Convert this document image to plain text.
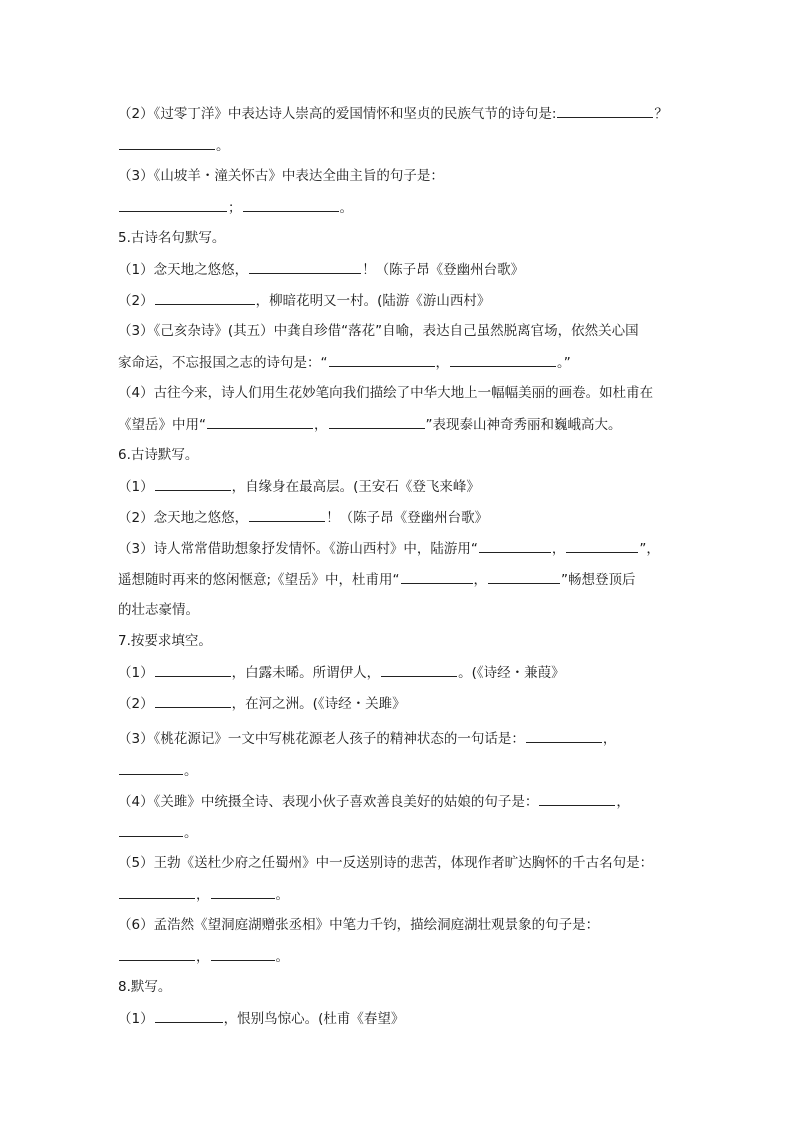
（2）《过零丁洋》中表达诗人崇高的爱国情怀和坚贞的民族气节的诗句是:	？
。
（3）《山坡羊・潼关怀古》中表达全曲主旨的句子是：
；	。
5.古诗名句默写。
（1）念天地之悠悠，	！（陈子昂《登幽州台歌》
（2）	，柳暗花明又一村。(陆游《游山西村》
（3）《己亥杂诗》(其五）中龚自珍借“落花”自喻，表达自己虽然脱离官场，依然关心国
家命运，不忘报国之志的诗句是：“	，	。”
（4）古往今来，诗人们用生花妙笔向我们描绘了中华大地上一幅幅美丽的画卷。如杜甫在
《望岳》中用“	，	”表现泰山神奇秀丽和巍峨高大。
6.古诗默写。
（1）	，自缘身在最高层。(王安石《登飞来峰》
（2）念天地之悠悠，	！（陈子昂《登幽州台歌》
（3）诗人常常借助想象抒发情怀。《游山西村》中，陆游用“	，	”，
遥想随时再来的悠闲惬意;《望岳》中，杜甫用“	，	”畅想登顶后
的壮志豪情。
7.按要求填空。
（1）	，白露未晞。所谓伊人，	。(《诗经・兼葭》
（2）	，在河之洲。(《诗经・关雎》
（3）《桃花源记》一文中写桃花源老人孩子的精神状态的一句话是：	，
。
（4）《关雎》中统摄全诗、表现小伙子喜欢善良美好的姑娘的句子是：	，
。
（5）王勃《送杜少府之任蜀州》中一反送别诗的悲苦，体现作者旷达胸怀的千古名句是：
，	。
（6）孟浩然《望洞庭湖赠张丞相》中笔力千钧，描绘洞庭湖壮观景象的句子是：
，	。
8.默写。
（1）	，恨别鸟惊心。(杜甫《春望》
